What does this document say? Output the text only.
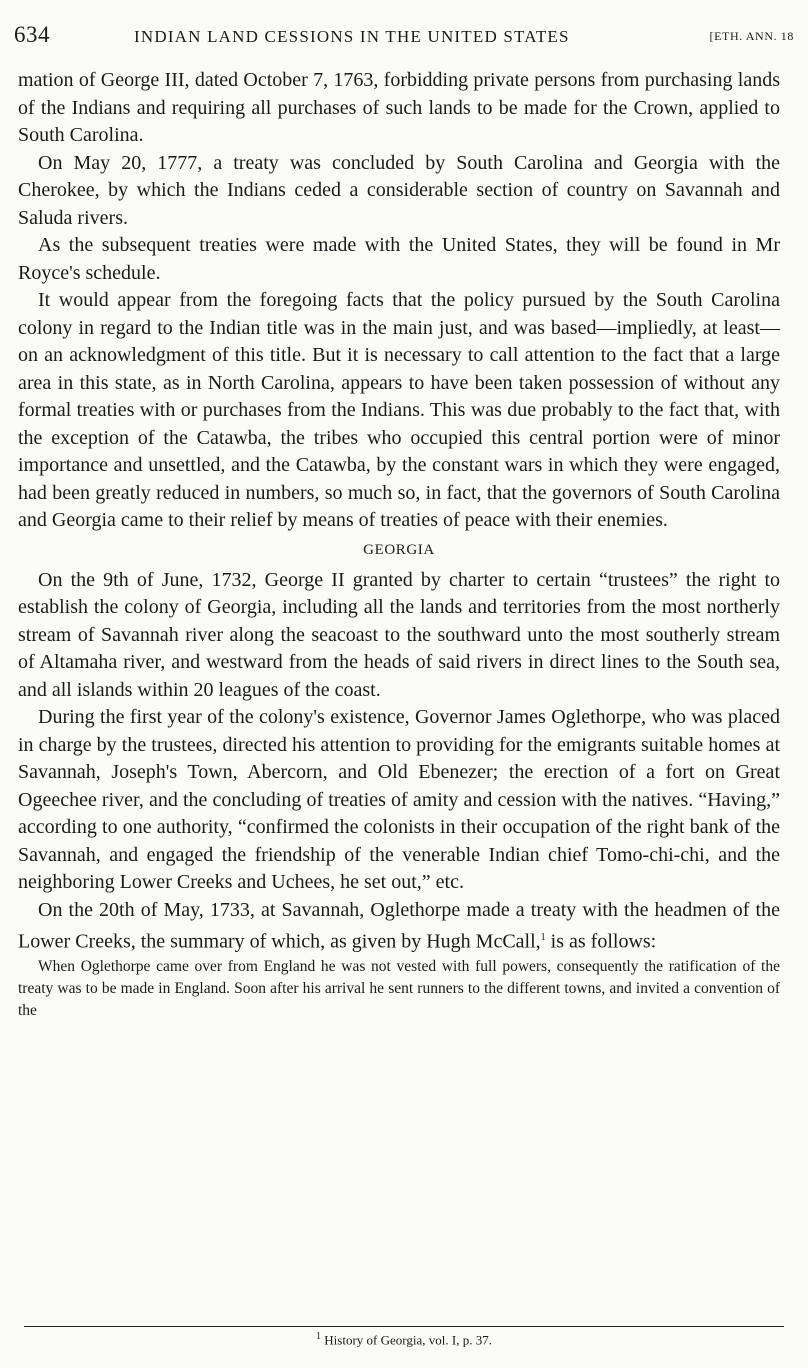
634	INDIAN LAND CESSIONS IN THE UNITED STATES	[ETH. ANN. 18

mation of George III, dated October 7, 1763, forbidding private persons from purchasing lands of the Indians and requiring all purchases of such lands to be made for the Crown, applied to South Carolina.

On May 20, 1777, a treaty was concluded by South Carolina and Georgia with the Cherokee, by which the Indians ceded a considerable section of country on Savannah and Saluda rivers.

As the subsequent treaties were made with the United States, they will be found in Mr Royce's schedule.

It would appear from the foregoing facts that the policy pursued by the South Carolina colony in regard to the Indian title was in the main just, and was based—impliedly, at least—on an acknowledgment of this title. But it is necessary to call attention to the fact that a large area in this state, as in North Carolina, appears to have been taken possession of without any formal treaties with or purchases from the Indians. This was due probably to the fact that, with the exception of the Catawba, the tribes who occupied this central portion were of minor importance and unsettled, and the Catawba, by the constant wars in which they were engaged, had been greatly reduced in numbers, so much so, in fact, that the governors of South Carolina and Georgia came to their relief by means of treaties of peace with their enemies.

GEORGIA

On the 9th of June, 1732, George II granted by charter to certain “trustees” the right to establish the colony of Georgia, including all the lands and territories from the most northerly stream of Savannah river along the seacoast to the southward unto the most southerly stream of Altamaha river, and westward from the heads of said rivers in direct lines to the South sea, and all islands within 20 leagues of the coast.

During the first year of the colony's existence, Governor James Oglethorpe, who was placed in charge by the trustees, directed his attention to providing for the emigrants suitable homes at Savannah, Joseph's Town, Abercorn, and Old Ebenezer; the erection of a fort on Great Ogeechee river, and the concluding of treaties of amity and cession with the natives. “Having,” according to one authority, “confirmed the colonists in their occupation of the right bank of the Savannah, and engaged the friendship of the venerable Indian chief Tomo-chi-chi, and the neighboring Lower Creeks and Uchees, he set out,” etc.

On the 20th of May, 1733, at Savannah, Oglethorpe made a treaty with the headmen of the Lower Creeks, the summary of which, as given by Hugh McCall,$^1$ is as follows:

When Oglethorpe came over from England he was not vested with full powers, consequently the ratification of the treaty was to be made in England. Soon after his arrival he sent runners to the different towns, and invited a convention of the

$^1$ History of Georgia, vol. I, p. 37.
